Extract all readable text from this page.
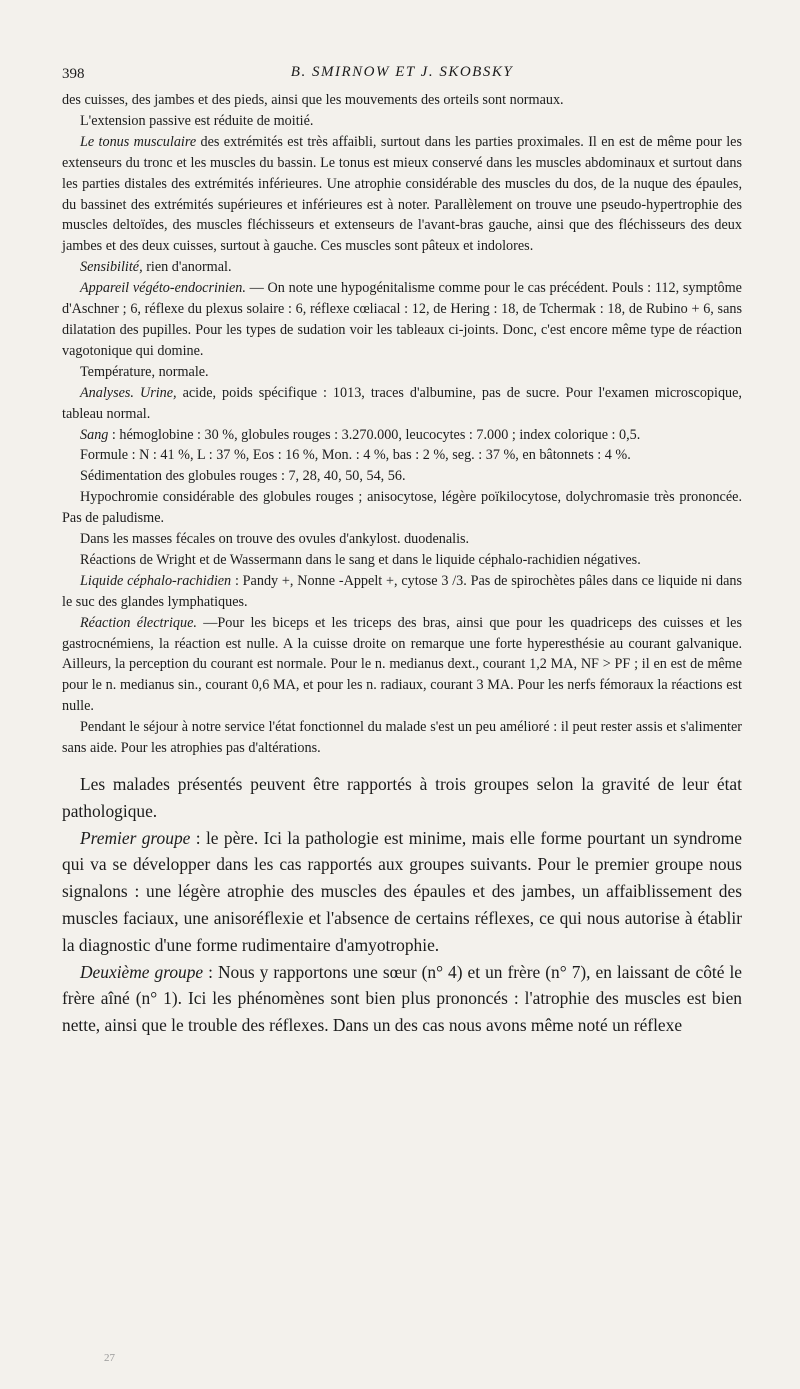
398	B. SMIRNOW ET J. SKOBSKY

des cuisses, des jambes et des pieds, ainsi que les mouvements des orteils sont normaux.

L'extension passive est réduite de moitié.

Le tonus musculaire des extrémités est très affaibli, surtout dans les parties proximales. Il en est de même pour les extenseurs du tronc et les muscles du bassin. Le tonus est mieux conservé dans les muscles abdominaux et surtout dans les parties distales des extrémités inférieures. Une atrophie considérable des muscles du dos, de la nuque des épaules, du bassinet des extrémités supérieures et inférieures est à noter. Parallèlement on trouve une pseudo-hypertrophie des muscles deltoïdes, des muscles fléchisseurs et extenseurs de l'avant-bras gauche, ainsi que des fléchisseurs des deux jambes et des deux cuisses, surtout à gauche. Ces muscles sont pâteux et indolores.

Sensibilité, rien d'anormal.

Appareil végéto-endocrinien. — On note une hypogénitalisme comme pour le cas précédent. Pouls : 112, symptôme d'Aschner ; 6, réflexe du plexus solaire : 6, réflexe cœliacal : 12, de Hering : 18, de Tchermak : 18, de Rubino + 6, sans dilatation des pupilles. Pour les types de sudation voir les tableaux ci-joints. Donc, c'est encore même type de réaction vagotonique qui domine.

Température, normale.

Analyses. Urine, acide, poids spécifique : 1013, traces d'albumine, pas de sucre. Pour l'examen microscopique, tableau normal.

Sang : hémoglobine : 30 %, globules rouges : 3.270.000, leucocytes : 7.000 ; index colorique : 0,5.

Formule : N : 41 %, L : 37 %, Eos : 16 %, Mon. : 4 %, bas : 2 %, seg. : 37 %, en bâtonnets : 4 %.

Sédimentation des globules rouges : 7, 28, 40, 50, 54, 56.

Hypochromie considérable des globules rouges ; anisocytose, légère poïkilocytose, dolychromasie très prononcée. Pas de paludisme.

Dans les masses fécales on trouve des ovules d'ankylost. duodenalis.

Réactions de Wright et de Wassermann dans le sang et dans le liquide céphalo-rachidien négatives.

Liquide céphalo-rachidien : Pandy +, Nonne -Appelt +, cytose 3 /3. Pas de spirochètes pâles dans ce liquide ni dans le suc des glandes lymphatiques.

Réaction électrique. —Pour les biceps et les triceps des bras, ainsi que pour les quadriceps des cuisses et les gastrocnémiens, la réaction est nulle. A la cuisse droite on remarque une forte hyperesthésie au courant galvanique. Ailleurs, la perception du courant est normale. Pour le n. medianus dext., courant 1,2 MA, NF > PF ; il en est de même pour le n. medianus sin., courant 0,6 MA, et pour les n. radiaux, courant 3 MA. Pour les nerfs fémoraux la réactions est nulle.

Pendant le séjour à notre service l'état fonctionnel du malade s'est un peu amélioré : il peut rester assis et s'alimenter sans aide. Pour les atrophies pas d'altérations.

Les malades présentés peuvent être rapportés à trois groupes selon la gravité de leur état pathologique.

Premier groupe : le père. Ici la pathologie est minime, mais elle forme pourtant un syndrome qui va se développer dans les cas rapportés aux groupes suivants. Pour le premier groupe nous signalons : une légère atrophie des muscles des épaules et des jambes, un affaiblissement des muscles faciaux, une anisoréflexie et l'absence de certains réflexes, ce qui nous autorise à établir la diagnostic d'une forme rudimentaire d'amyotrophie.

Deuxième groupe : Nous y rapportons une sœur (n° 4) et un frère (n° 7), en laissant de côté le frère aîné (n° 1). Ici les phénomènes sont bien plus prononcés : l'atrophie des muscles est bien nette, ainsi que le trouble des réflexes. Dans un des cas nous avons même noté un réflexe

27
